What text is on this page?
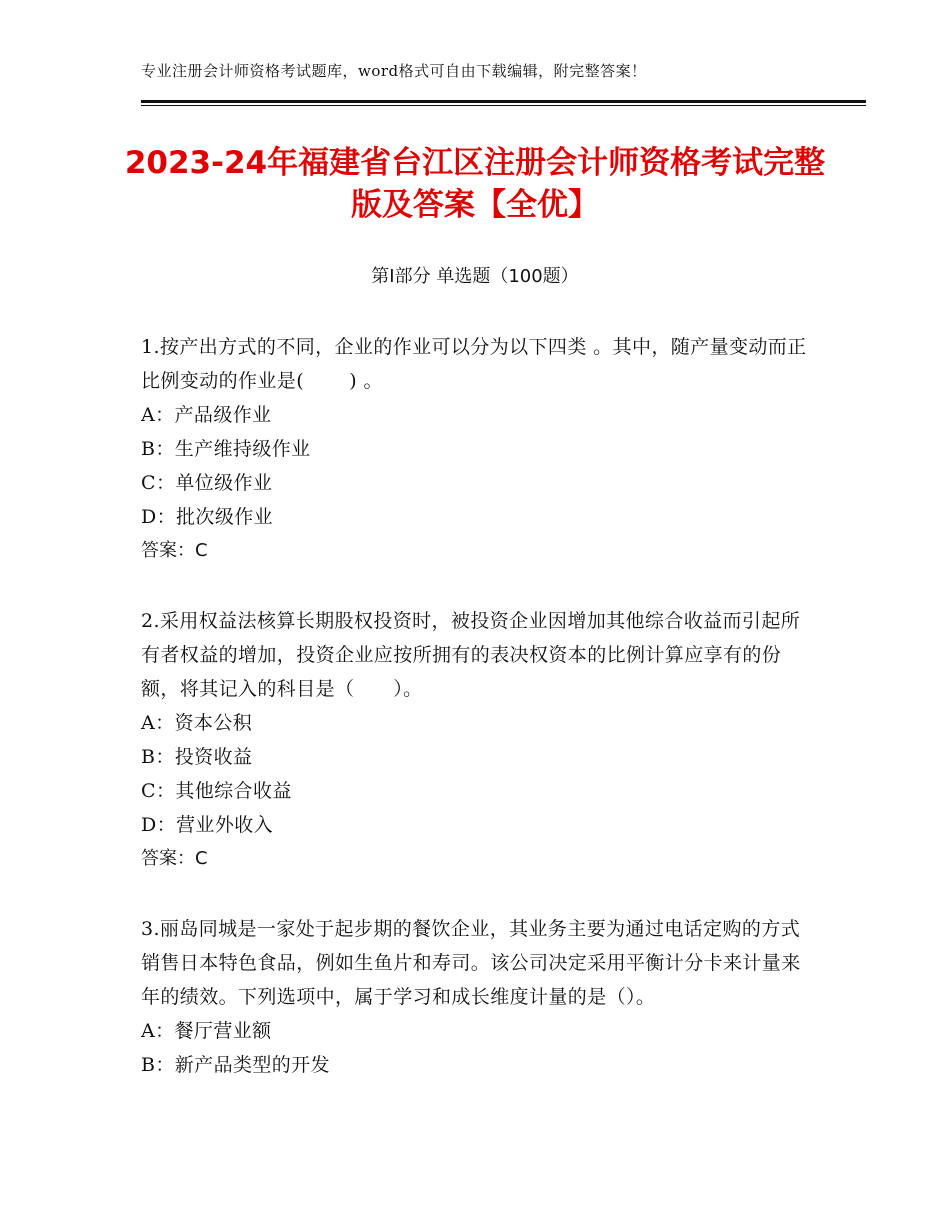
专业注册会计师资格考试题库，word格式可自由下载编辑，附完整答案！
2023-24年福建省台江区注册会计师资格考试完整版及答案【全优】
第Ⅰ部分 单选题（100题）

1.按产出方式的不同，企业的作业可以分为以下四类 。其中，随产量变动而正比例变动的作业是(　　 ) 。

A：产品级作业

B：生产维持级作业

C：单位级作业

D：批次级作业

答案：C

2.采用权益法核算长期股权投资时，被投资企业因增加其他综合收益而引起所有者权益的增加，投资企业应按所拥有的表决权资本的比例计算应享有的份额，将其记入的科目是（　　）。

A：资本公积

B：投资收益

C：其他综合收益

D：营业外收入

答案：C

3.丽岛同城是一家处于起步期的餐饮企业，其业务主要为通过电话定购的方式销售日本特色食品，例如生鱼片和寿司。该公司决定采用平衡计分卡来计量来年的绩效。下列选项中，属于学习和成长维度计量的是（）。

A：餐厅营业额

B：新产品类型的开发
